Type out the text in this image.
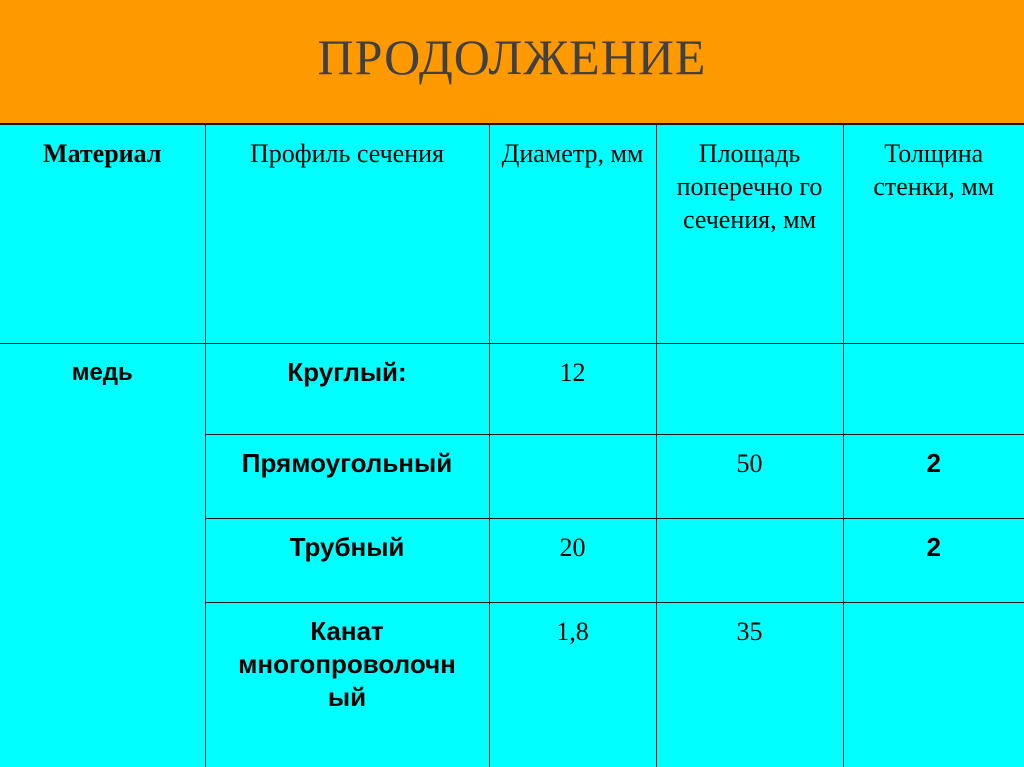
ПРОДОЛЖЕНИЕ
Материал	Профиль сечения	Диаметр, мм	Площадь поперечно го сечения, мм	Толщина стенки, мм
медь	Круглый:	12		
	Прямоугольный		50	2
	Трубный	20		2
	Канат многопроволочн ый	1,8	35	
